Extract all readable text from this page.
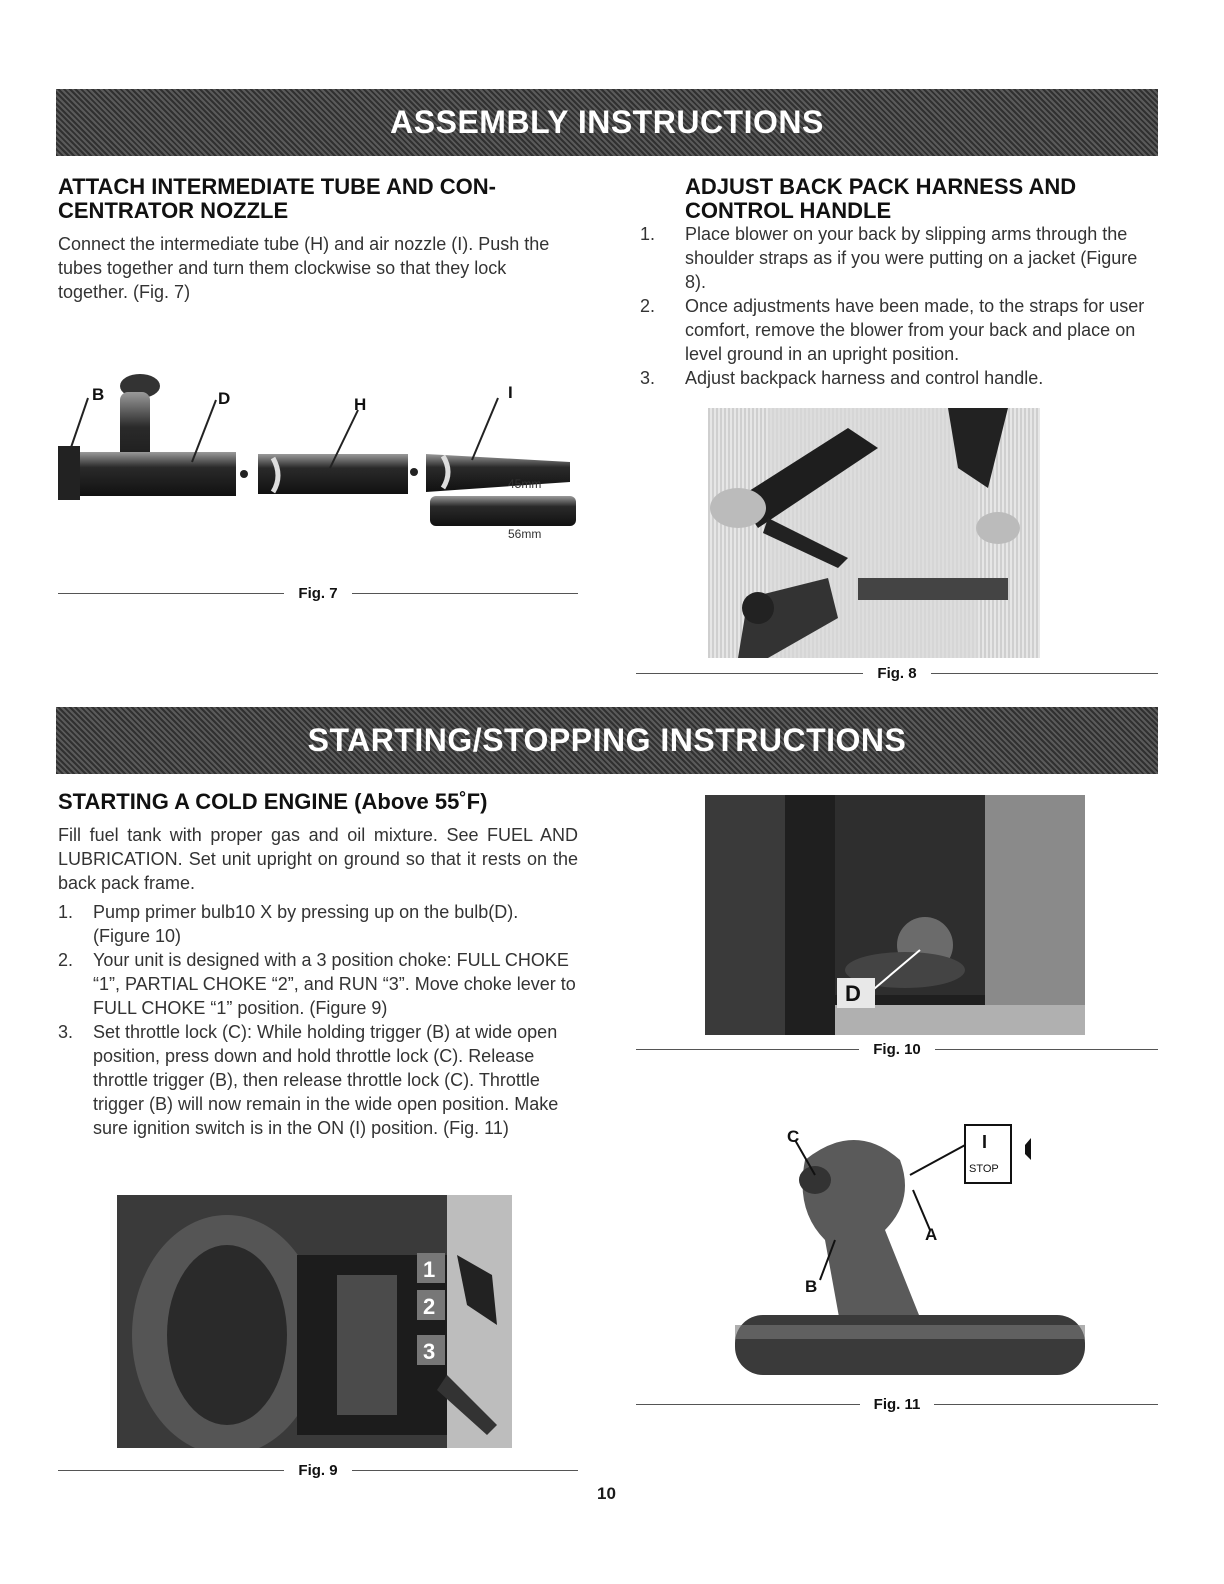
ASSEMBLY INSTRUCTIONS
ATTACH INTERMEDIATE TUBE AND CON-
CENTRATOR NOZZLE
Connect the intermediate tube (H) and air nozzle (I). Push the tubes together and turn them clockwise so that they lock together. (Fig. 7)
B	D	H
I
45mm
56mm
Fig. 7
ADJUST BACK PACK HARNESS AND
CONTROL HANDLE
1. Place blower on your back by slipping arms through the shoulder straps as if you were putting on a jacket (Figure 8).
2. Once adjustments have been made, to the straps for user comfort, remove the blower from your back and place on level ground in an upright position.
3. Adjust backpack harness and control handle.
Fig. 8
STARTING/STOPPING INSTRUCTIONS
STARTING A COLD ENGINE (Above 55˚F)
Fill fuel tank with proper gas and oil mixture. See FUEL AND LUBRICATION. Set unit upright on ground so that it rests on the back pack frame.
1. Pump primer bulb10 X by pressing up on the bulb(D). (Figure 10)
2. Your unit is designed with a 3 position choke: FULL CHOKE “1”, PARTIAL CHOKE “2”, and RUN “3”. Move choke lever to FULL CHOKE “1” position. (Figure 9)
3. Set throttle lock (C): While holding trigger (B) at wide open position, press down and hold throttle lock (C). Release throttle trigger (B), then release throttle lock (C). Throttle trigger (B) will now remain in the wide open position. Make sure ignition switch is in the ON (I) position. (Fig. 11)
1
2
3
Fig. 9
D
Fig. 10
I
STOP
C
A
B
Fig. 11
10
